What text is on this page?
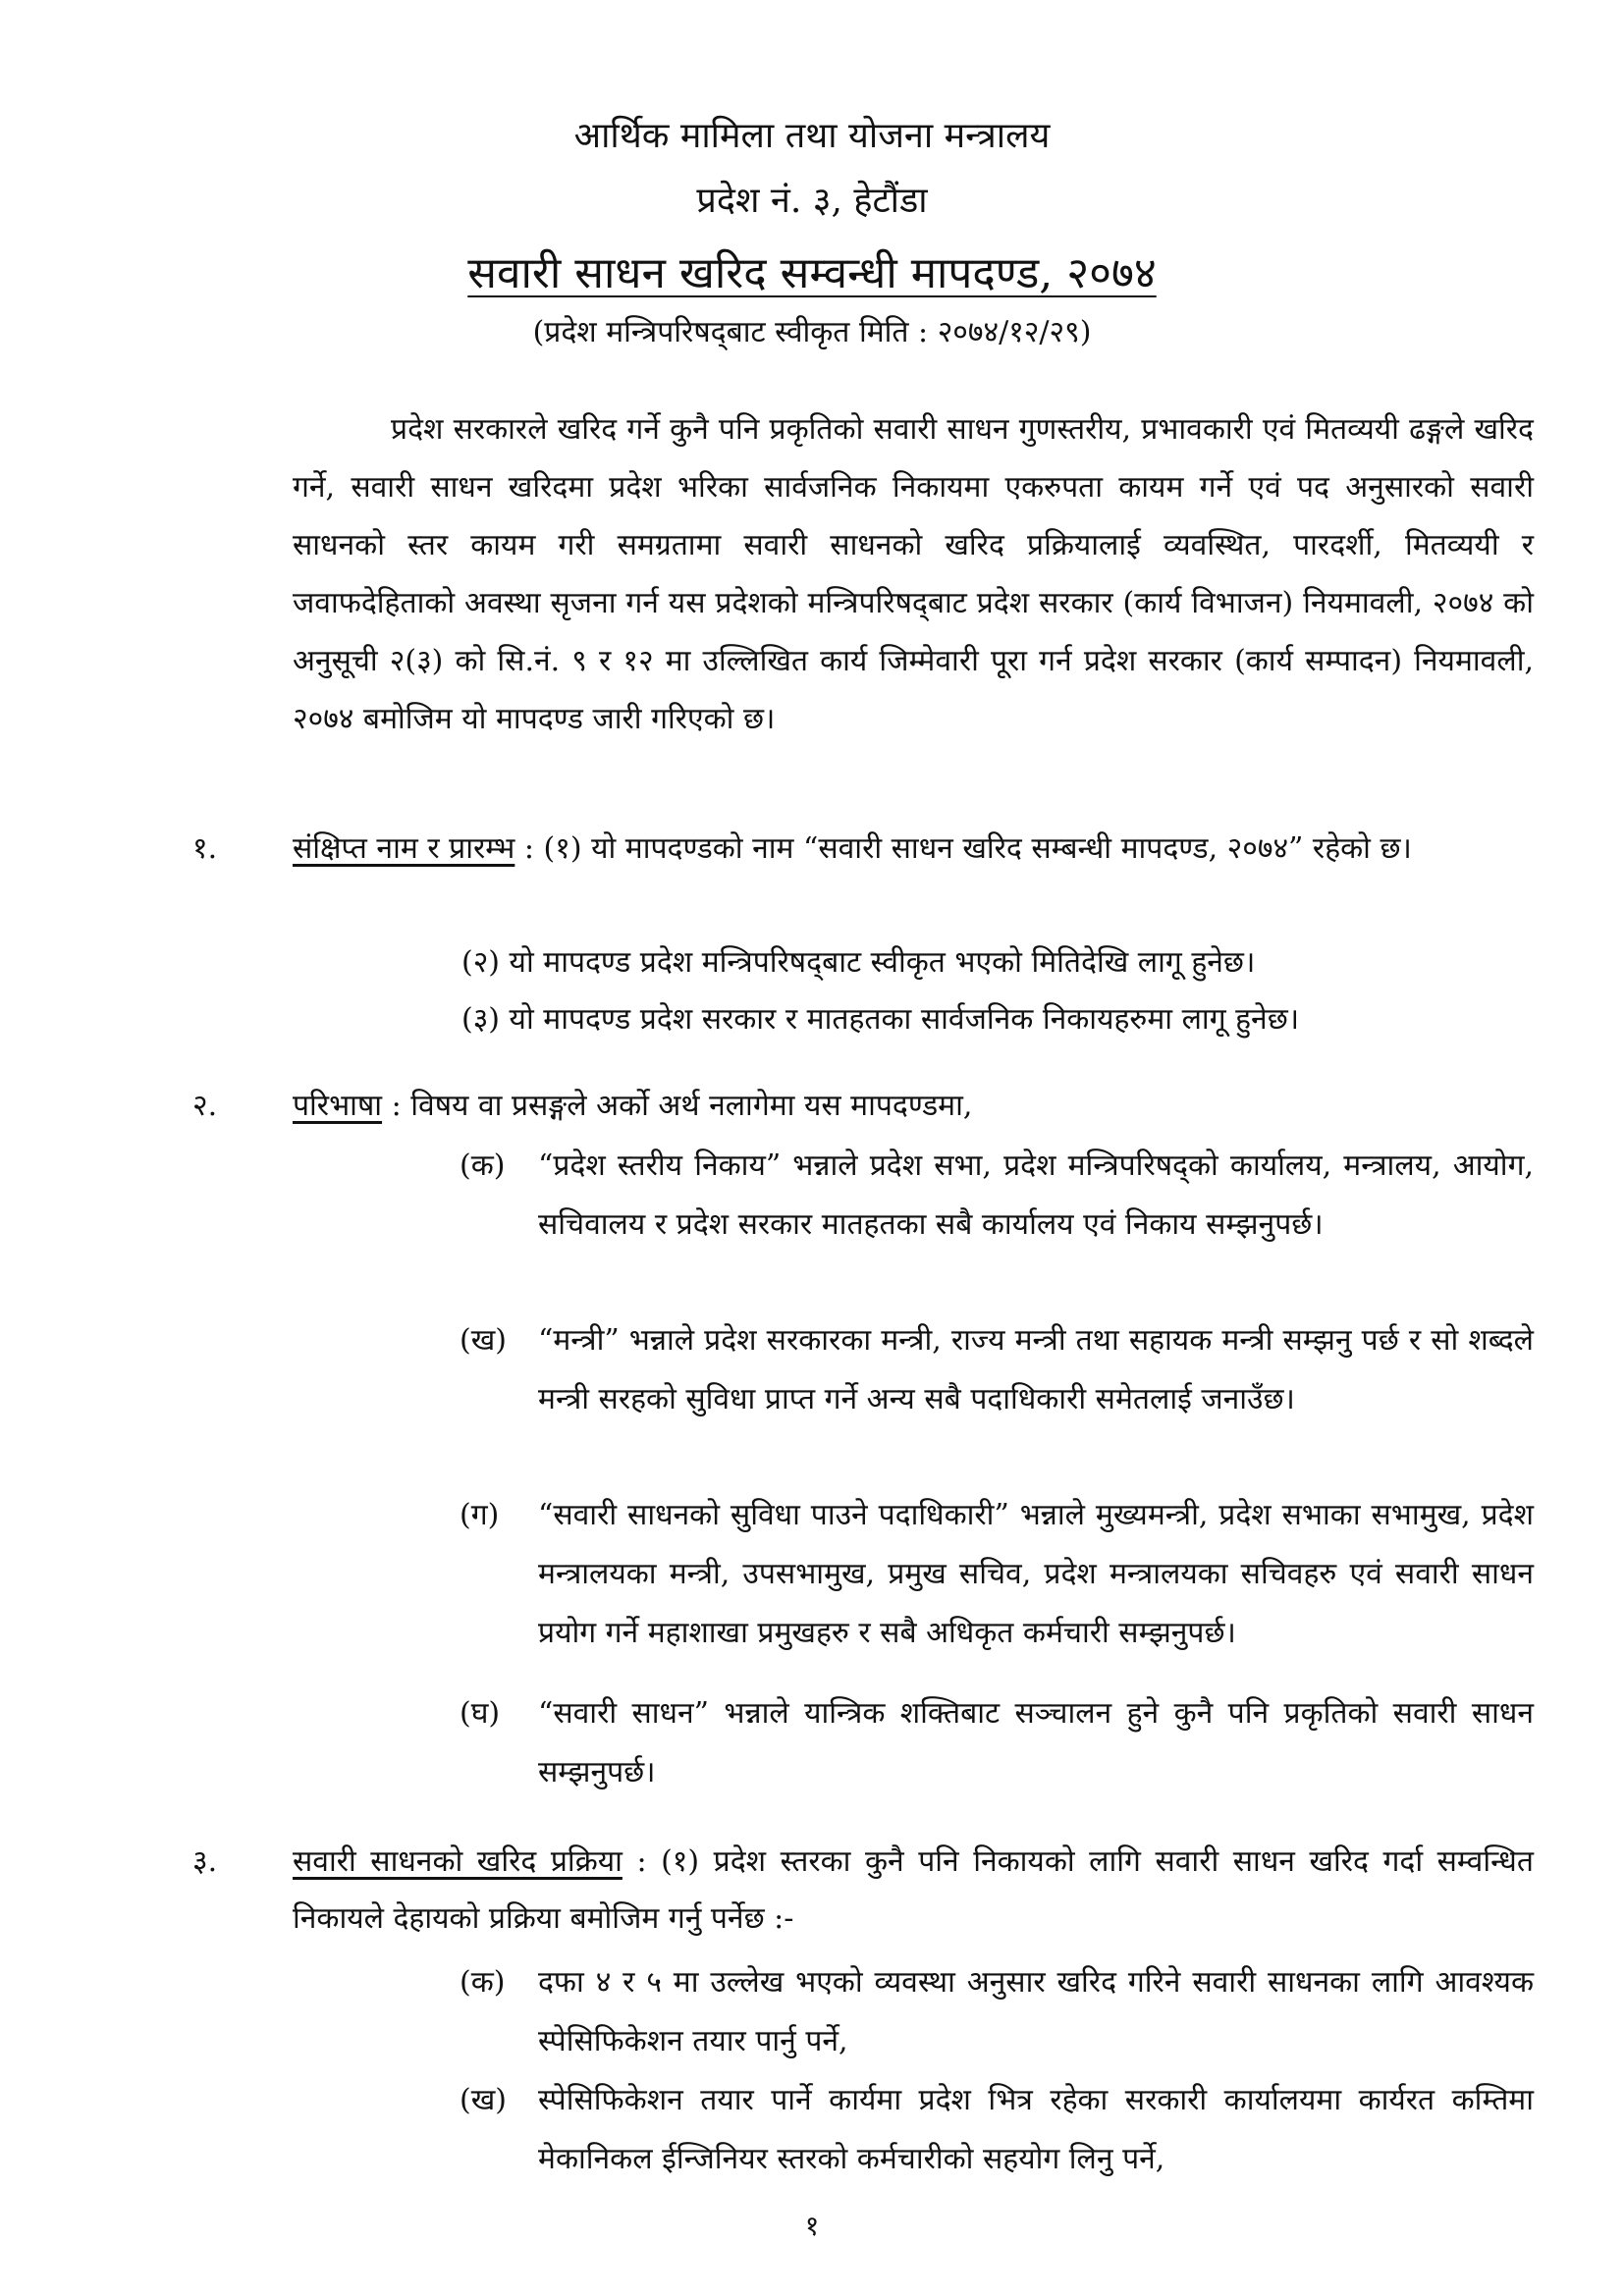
आर्थिक मामिला तथा योजना मन्त्रालय
प्रदेश नं. ३, हेटौंडा
सवारी साधन खरिद सम्वन्धी मापदण्ड, २०७४
(प्रदेश मन्त्रिपरिषद्‌बाट स्वीकृत मिति : २०७४/१२/२९)
प्रदेश सरकारले खरिद गर्ने कुनै पनि प्रकृतिको सवारी साधन गुणस्तरीय, प्रभावकारी एवं मितव्ययी ढङ्गले खरिद गर्ने, सवारी साधन खरिदमा प्रदेश भरिका सार्वजनिक निकायमा एकरुपता कायम गर्ने एवं पद अनुसारको सवारी साधनको स्तर कायम गरी समग्रतामा सवारी साधनको खरिद प्रक्रियालाई व्यवस्थित, पारदर्शी, मितव्ययी र जवाफदेहिताको अवस्था सृजना गर्न यस प्रदेशको मन्त्रिपरिषद्‌बाट प्रदेश सरकार (कार्य विभाजन) नियमावली, २०७४ को अनुसूची २(३) को सि.नं. ९ र १२ मा उल्लिखित कार्य जिम्मेवारी पूरा गर्न प्रदेश सरकार (कार्य सम्पादन) नियमावली, २०७४ बमोजिम यो मापदण्ड जारी गरिएको छ।
१.	संक्षिप्त नाम र प्रारम्भ : (१) यो मापदण्डको नाम “सवारी साधन खरिद सम्बन्धी मापदण्ड, २०७४” रहेको छ।
(२) यो मापदण्ड प्रदेश मन्त्रिपरिषद्‌बाट स्वीकृत भएको मितिदेखि लागू हुनेछ।
(३) यो मापदण्ड प्रदेश सरकार र मातहतका सार्वजनिक निकायहरुमा लागू हुनेछ।
२.	परिभाषा : विषय वा प्रसङ्गले अर्को अर्थ नलागेमा यस मापदण्डमा,
(क) “प्रदेश स्तरीय निकाय” भन्नाले प्रदेश सभा, प्रदेश मन्त्रिपरिषद्‌को कार्यालय, मन्त्रालय, आयोग, सचिवालय र प्रदेश सरकार मातहतका सबै कार्यालय एवं निकाय सम्झनुपर्छ।
(ख) “मन्त्री” भन्नाले प्रदेश सरकारका मन्त्री, राज्य मन्त्री तथा सहायक मन्त्री सम्झनु पर्छ र सो शब्दले मन्त्री सरहको सुविधा प्राप्त गर्ने अन्य सबै पदाधिकारी समेतलाई जनाउँछ।
(ग) “सवारी साधनको सुविधा पाउने पदाधिकारी” भन्नाले मुख्यमन्त्री, प्रदेश सभाका सभामुख, प्रदेश मन्त्रालयका मन्त्री, उपसभामुख, प्रमुख सचिव, प्रदेश मन्त्रालयका सचिवहरु एवं सवारी साधन प्रयोग गर्ने महाशाखा प्रमुखहरु र सबै अधिकृत कर्मचारी सम्झनुपर्छ।
(घ) “सवारी साधन” भन्नाले यान्त्रिक शक्तिबाट सञ्चालन हुने कुनै पनि प्रकृतिको सवारी साधन सम्झनुपर्छ।
३.	सवारी साधनको खरिद प्रक्रिया : (१) प्रदेश स्तरका कुनै पनि निकायको लागि सवारी साधन खरिद गर्दा सम्वन्धित निकायले देहायको प्रक्रिया बमोजिम गर्नु पर्नेछ :-
(क) दफा ४ र ५ मा उल्लेख भएको व्यवस्था अनुसार खरिद गरिने सवारी साधनका लागि आवश्यक स्पेसिफिकेशन तयार पार्नु पर्ने,
(ख) स्पेसिफिकेशन तयार पार्ने कार्यमा प्रदेश भित्र रहेका सरकारी कार्यालयमा कार्यरत कम्तिमा मेकानिकल ईन्जिनियर स्तरको कर्मचारीको सहयोग लिनु पर्ने,
१
